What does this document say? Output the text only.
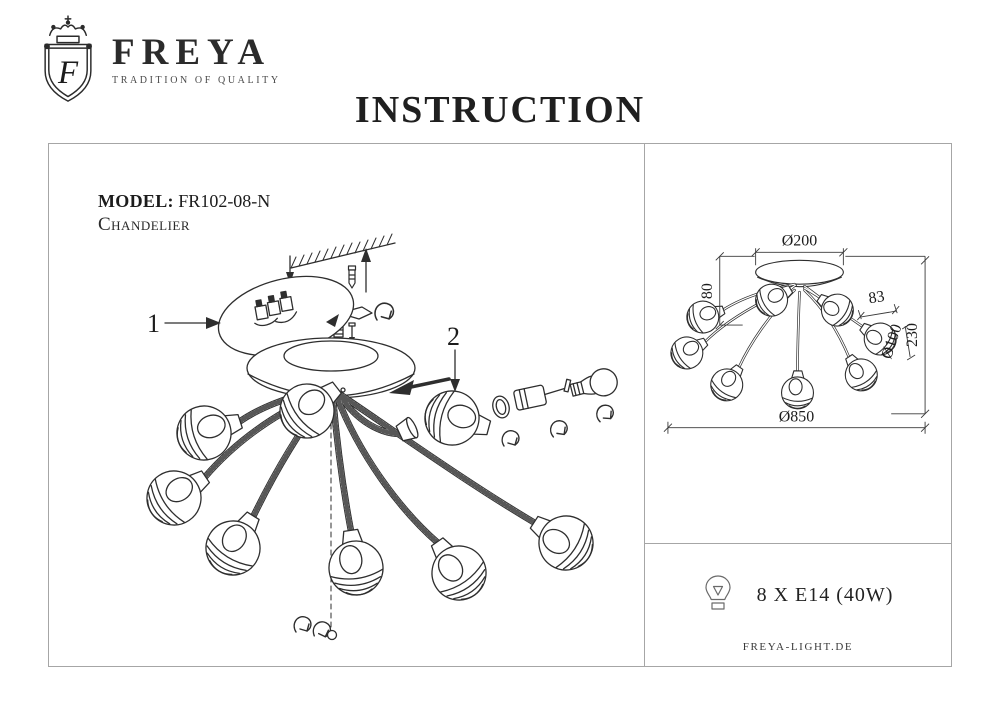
F FREYA
TRADITION OF QUALITY
INSTRUCTION
MODEL: FR102-08-N
Chandelier
1	2
Ø200
80	83
Ø100
230
Ø850
8 X E14 (40W)
FREYA-LIGHT.DE
